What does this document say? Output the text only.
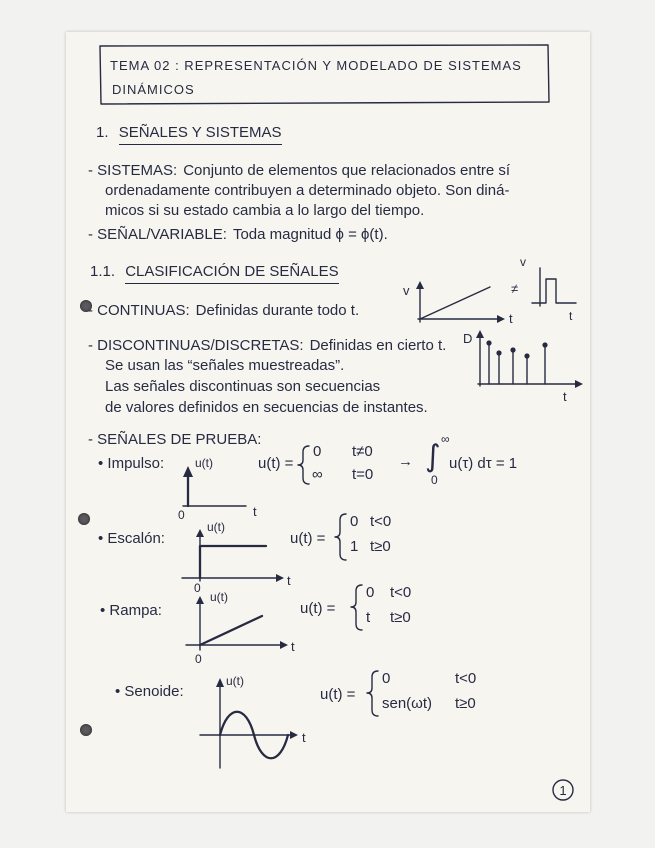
TEMA 02 : REPRESENTACIÓN Y MODELADO DE SISTEMAS
DINÁMICOS
1. SEÑALES Y SISTEMAS
- SISTEMAS: Conjunto de elementos que relacionados entre sí
ordenadamente contribuyen a determinado objeto. Son diná-
micos si su estado cambia a lo largo del tiempo.
- SEÑAL/VARIABLE: Toda magnitud ϕ = ϕ(t).
1.1. CLASIFICACIÓN DE SEÑALES
- CONTINUAS: Definidas durante todo t.
- DISCONTINUAS/DISCRETAS: Definidas en cierto t.
Se usan las “señales muestreadas”.
Las señales discontinuas son secuencias
de valores definidos en secuencias de instantes.
- SEÑALES DE PRUEBA:
• Impulso:	u(t) =
0 t≠0
∞ t=0
→ ∫ ∞
0
u(τ) dτ = 1
• Escalón:	u(t) =
0 t<0
1 t≥0
• Rampa:	u(t) =
0 t<0
t t≥0
• Senoide:	u(t) =
0	t<0
sen(ωt) t≥0
v
≠
t
v
t
D
t
u(t)
0	t
u(t)
0	t
u(t)
0
t
u(t)
t
1
